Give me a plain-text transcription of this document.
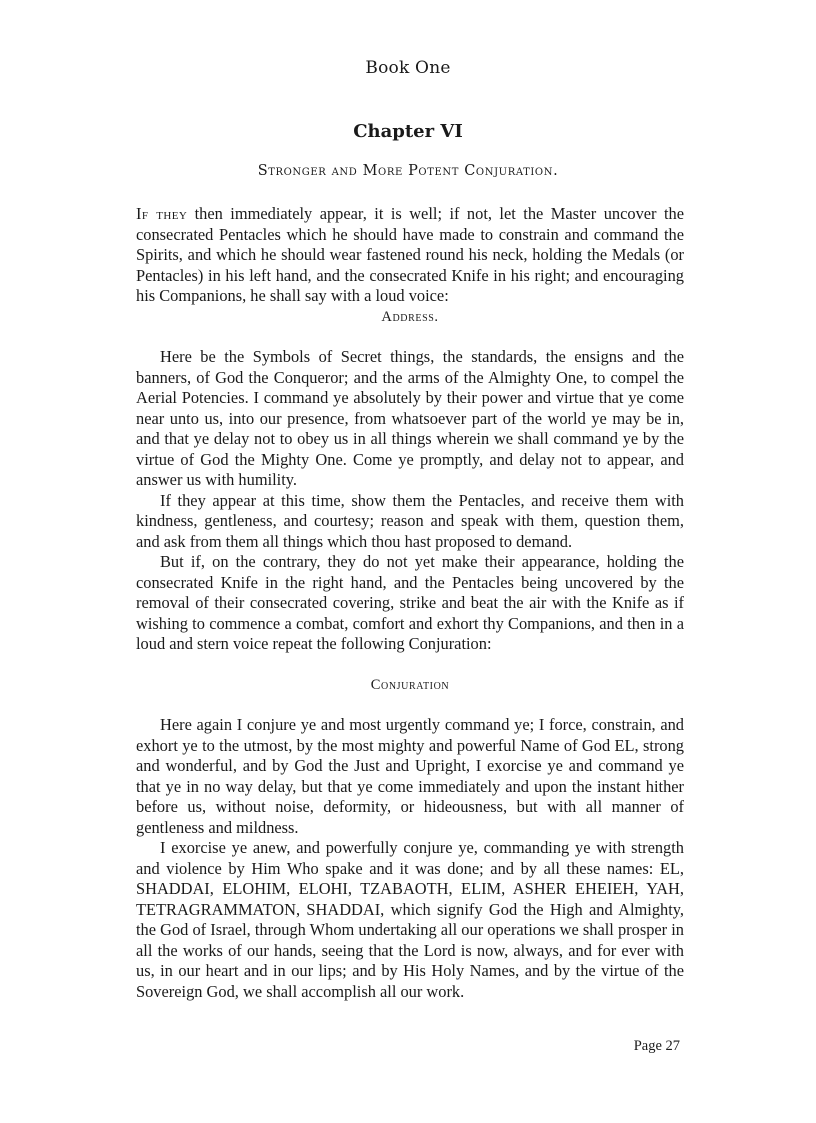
Book One
Chapter VI
Stronger and More Potent Conjuration.

If they then immediately appear, it is well; if not, let the Master uncover the consecrated Pentacles which he should have made to constrain and command the Spirits, and which he should wear fastened round his neck, holding the Medals (or Pentacles) in his left hand, and the consecrated Knife in his right; and encouraging his Companions, he shall say with a loud voice:

Address.

Here be the Symbols of Secret things, the standards, the ensigns and the banners, of God the Conqueror; and the arms of the Almighty One, to compel the Aerial Potencies. I command ye absolutely by their power and virtue that ye come near unto us, into our presence, from whatsoever part of the world ye may be in, and that ye delay not to obey us in all things wherein we shall command ye by the virtue of God the Mighty One. Come ye promptly, and delay not to appear, and answer us with humility.

If they appear at this time, show them the Pentacles, and receive them with kindness, gentleness, and courtesy; reason and speak with them, question them, and ask from them all things which thou hast proposed to demand.

But if, on the contrary, they do not yet make their appearance, holding the consecrated Knife in the right hand, and the Pentacles being uncovered by the removal of their consecrated covering, strike and beat the air with the Knife as if wishing to commence a combat, comfort and exhort thy Companions, and then in a loud and stern voice repeat the following Conjuration:

Conjuration

Here again I conjure ye and most urgently command ye; I force, constrain, and exhort ye to the utmost, by the most mighty and powerful Name of God EL, strong and wonderful, and by God the Just and Upright, I exorcise ye and command ye that ye in no way delay, but that ye come immediately and upon the instant hither before us, without noise, deformity, or hideousness, but with all manner of gentleness and mildness.

I exorcise ye anew, and powerfully conjure ye, commanding ye with strength and violence by Him Who spake and it was done; and by all these names: EL, SHADDAI, ELOHIM, ELOHI, TZABAOTH, ELIM, ASHER EHEIEH, YAH, TETRAGRAMMATON, SHADDAI, which signify God the High and Almighty, the God of Israel, through Whom undertaking all our operations we shall prosper in all the works of our hands, seeing that the Lord is now, always, and for ever with us, in our heart and in our lips; and by His Holy Names, and by the virtue of the Sovereign God, we shall accomplish all our work.

Page 27
